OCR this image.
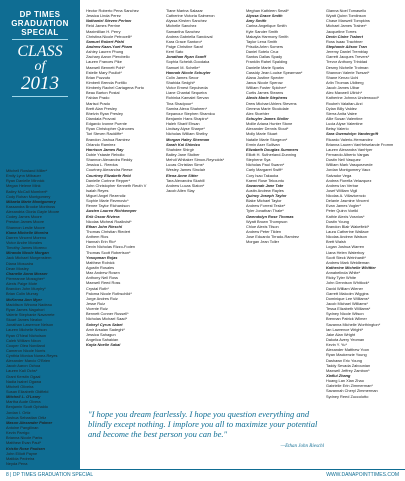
DP TIMES
GRADUATION SPECIAL
CLASS
of
2013
Mitchell Rowland Miller*
Emily Lynn Milbauer
Ryan Danielle Minnick
Megan Helene Mink
Bailey McCall Mombert*
Cody Rohan Montgomery
Mikaela Marie Montgomery
Kassandra Brooke Montross
Alexandria Gloria Gayle Moore
Codey James Moore
Preston James Moore
Shannon Leslie Moore
Kiana Michelle Moreira
Darren Vincent Moreno
Victor Andre Morales
Timothy James Moreno
Miranda Nicole Morgan
Jack Michael Morgenstern
Diana Moscaira
Dean Mosley
Chanelle Anna Mosser
Pierreanne Mossgher*
Alexis Paige Mote
Brandon John Murphy*
Brian Colin Murray
McKenna Ann Myer
Maddison Winona Nadeau
Ryan James Nagahori
Valerie Stephanie Navarrete
Stuart James Nealon
Jonathan Lawrence Nelson
Lauren Michelle Nelson
Ryan O'Neal Nicholson
Caleb William Nixon
Cooper Olea Nordland
Cameron Nicole Norris
Cynthia Monica Nunez-Reyes
Alexander Marcio O'Brien
Jacob Aaron Ochoa
Lauren Kali Ochs*
Grant Kerstin Ogaal
Nadia Isabel Ogawa
Mitchell Oliveira
Susan Elizabeth Oldfield
Mitchell L. O'Leary
Martha Aude Olvera
Benjamin Scott Ophaldo
Jordan I. Ortiz
Joshua Sebastian Ortiz
Mason Alexander Palmer
Antoine Pangilinan
Kevin Parrigo
Brianna Nicole Parks
Matthew Evan Paul*
Kristin Rose Paulsen
John Elliott Payne
Matilda Pedreira
Neyda Pena
Hector Roberto Pena Sanchez
Jessica Linda Perez
Nathaniel Steven Perlow
Reid James Perrine
Maximillian H. Perry
Christina Nicole Petrocelli*
Samuel Robert Pfahl
Andrew Kaan-Yuet Pham
Ashley Lauren Phung
Zachary Aaron Pierobello
Lauren Frances Pike
Maxwell Bennett Pohl*
Estelle Mary Pouliot*
Brian Pozzuto
Kimberli Brenda Portillo
Kimberly Rachel Cartagena Porto
Beau Barton Postal
Fabian Prado
Marisol Prado
Brett Alan Presley
Bhelvin Ryan Presley
Diandaia Provost
Edgardo Ivonne Puente
Ryan Christopher Quinones
Tori Steven Rackliffe*
Brandon Joshua Ramirez
Orlando Ramirez
Harrison James Ray
Dobie Ystaste Rebollo
Shannon Alexandra Reddy
Jessica L. Reedus
Courtney Alexandra Reese
Courtney Elizabeth Reid
Danielle Corinne Repper*
John Christopher Kenneth Reuth V
Isaiah Reyes
Miguel Angel Rezendiz
Sophie Marie Rezmovic*
Renee Taylor Richardson
Austen Lauren Richkemper
Erik Oscar Riviera
Nicolas Micheal Roalkvist*
Ethan John Rieschl
Thomas Christian Riedert
Anthem Rios
Hannah Erin Rio*
Devin Nicholas Rizzo-Foden
Thomas Scott Robertson*
Yosopman Rojas
Matthew Rolnick
Agustin Rosales
Max Andrew Rosen
Anthony Neil Ross
Maxwell Reed Ross
Crystal Roth*
Paloma Nicole Rothschild*
Jorge Andres Ruiz
Jesse Ruiz
Vicente Ruiz
Bennett Conner Russell*
Nicholas Michael Saad*
Soheyl Cyrus Sabet
Amir Arsalan Sadeghi*
Jessica Sahagun
Angelica Sahakian
Kayla Noelle Sakai
Tiane Marina Salazar
Catherine Victoria Salmeron
Alyssa Kirsten Sanchez
Michelle Sanchez
Samantha Sanchez
Andrea Gabriella Sandoval
Kara Grace Santoro*
Paige Christine Saraf
Kerri Sato
Jonathan Ryan Scarff
Sophia Scheidt-Goodaka
Samuel M. Schelle*
Hannah Nicole Schuyler
Colin James Secor
Shahida Sedghi*
Victor Ernest Sepulveda
Liane Chantal Sequeira
Rohinka Kamalei Servan
Tina Shadpour*
Samira Alexa Shaheen*
Sepanour Stephen Shamlou
Benjamin Hans Shapiro*
Haleh Sharif Ehsan
Lindsay Alyse Sharpe*
Nicholas William Shelby
Morgan Haley Sherman
Sarah Kai Shimizu
Shahdee Shirgir
Bailey Jane Stoiber
Mehdi Whitaker Simon-Reynolds*
Lucas Christian Sims*
Wesley James Sinclair
Elena Anne Sitter
Tara Alexandra Skahill
Andrew Lucas Slaton*
Jacob Allen Slay
Meghan Kathleen Small*
Alyssa Grace Smith
Amy Smith
Carina Angelique Smith
Kyle Sander Smith
Makayla Harmony Smith
Taylor Lena Smith
Priscila Arlen Somers
Daniel Sotelo Cruz
Santos Dallas Spady
Franklin Rahel Spalding
Danielle Marie Sparks
Cassidy Jean Louise Spearman*
Alana Justine Specter
Janus Nicole Sperow
William Foster Spicher*
Curtis James Stearns
Alexis Marie Stephens
Drew Michael Ahlers Stevens
Gemma Marie Stockdale
Alex Stoehler
Schuyler James Stoller
Mollie Ariana Hunter Stone
Alexander Dennis Stout*
Molly Marie Stuart
Natalie Marie Sturgeon*
Ermin Aser Sullivan
Elizabeth Douglas Summers
Elliott H. Sutherland-Dunning
Stephene Sya
Nicholas Paul Swann*
Carly Margaret Swift*
Cory Isao Takaoka
Kaemi Rose Tekountu
Savannah Jane Tate
Austin Andrew Rayles
Quincy Joseph Taylor
Blake Michael Taylor
Andrew Forrest Teske*
Tyler Jonathan Thale*
Gwendolyn Rose Thomas
Wyatt Brown Thompson
Chloe Alexis Tilson
Andrew Peter Tilden
Jose Eduardo Tirrado-Ramirez
Morgan Jean Toller
Gianna Noel Tomasello
Wyatt Quinn Tomlinson
Chase Maxwell Tompkins
Michael James Trainer*
Jacqueline Torres
Devin Claire Trabert
Ross Isaac Trachtner
Stephanie Alison Tran
Jeremy Daniel Tremblay
Garrett Jacques Trevers*
Trevor Anthony Trinidad
Desmy Nichelle Trotman
Shannon Valerie Tsesari*
Shane Kenzo Uchi
Arlin Thomas Uldberg
Jacob James Ulbar
Alec Maxwell Ullrich*
Katherine Johnna Underwood*
Roubeh Valaitan-Arzi
Dylan Billy Valdez
Sierra Anita Valee
Allie Susan Valentine
Lucia Alyse Valentine
Betsy Valerio
Sara Gwendolyn Vandergrift
Ricardo Valerio-Hernandez
Brianna Lauren VanHeiselande Fromm
Lauren Alexandra VanHyer
Fernando Alberto Vargas
Dustin Neil Vasquez
William Mark Vasquezvede
Jordan Montgomery Vaux
Salvador Vega
Andrea Fiorella Velazquez
Andrew Ian Verbar
Josef William Vigil
Nicolas A. Villavicencio
Delanie Jasmine Vincent
Evan James Vogler*
Peter Quinn Voelkl
Kathie Alexis Vosnios*
Dustin Young
Brandon Blair Wakefield*
Laura Catherine Wallace
Nicolas Andrew Watson
Brett Walsh
Logan Joshua Warren
Liana Helen Waterboy
Scott Steck Weinhardt*
Andrew Mark Weidleman
Katherine Michelle Whittier
Annabelinda White*
Ricky Tyler White
John Dennison Whitlock*
David William Wiener
Garrett Malcolm Wiggins
Dominique Lee Williams*
Jacob Michael Williams*
Tessa Elizabeth Williams*
Sydney Nicole Wilson
Brennan Patrick Wilmer
Savanna Michelle Worthington*
Ian Lawrence Wright*
Jake Alan Wright
Dakota Avery Yeoman
Kevin Y. Yu*
Alexander Matthew Yoon
Ryan Mackenzie Young
Dashawn Eric Young
Taddy Sevada Zabounian
Maxwell Jeffrey Zambon*
Xiaflui Zhang
Huang Lan Xian Zhao
Gabrielle Erin Zimmerman*
Savannah Cheryl Zimmerman
Sydney Reed Zuccolotto
"I hope you dream fearlessly. I hope you question everything and blindly except nothing. I implore you all to maximize your potential and become the best person you can be."
—Ethan John Rieschl
8 | DP TIMES GRADUATION SPECIAL	WWW.DANAPOINTTIMES.COM
